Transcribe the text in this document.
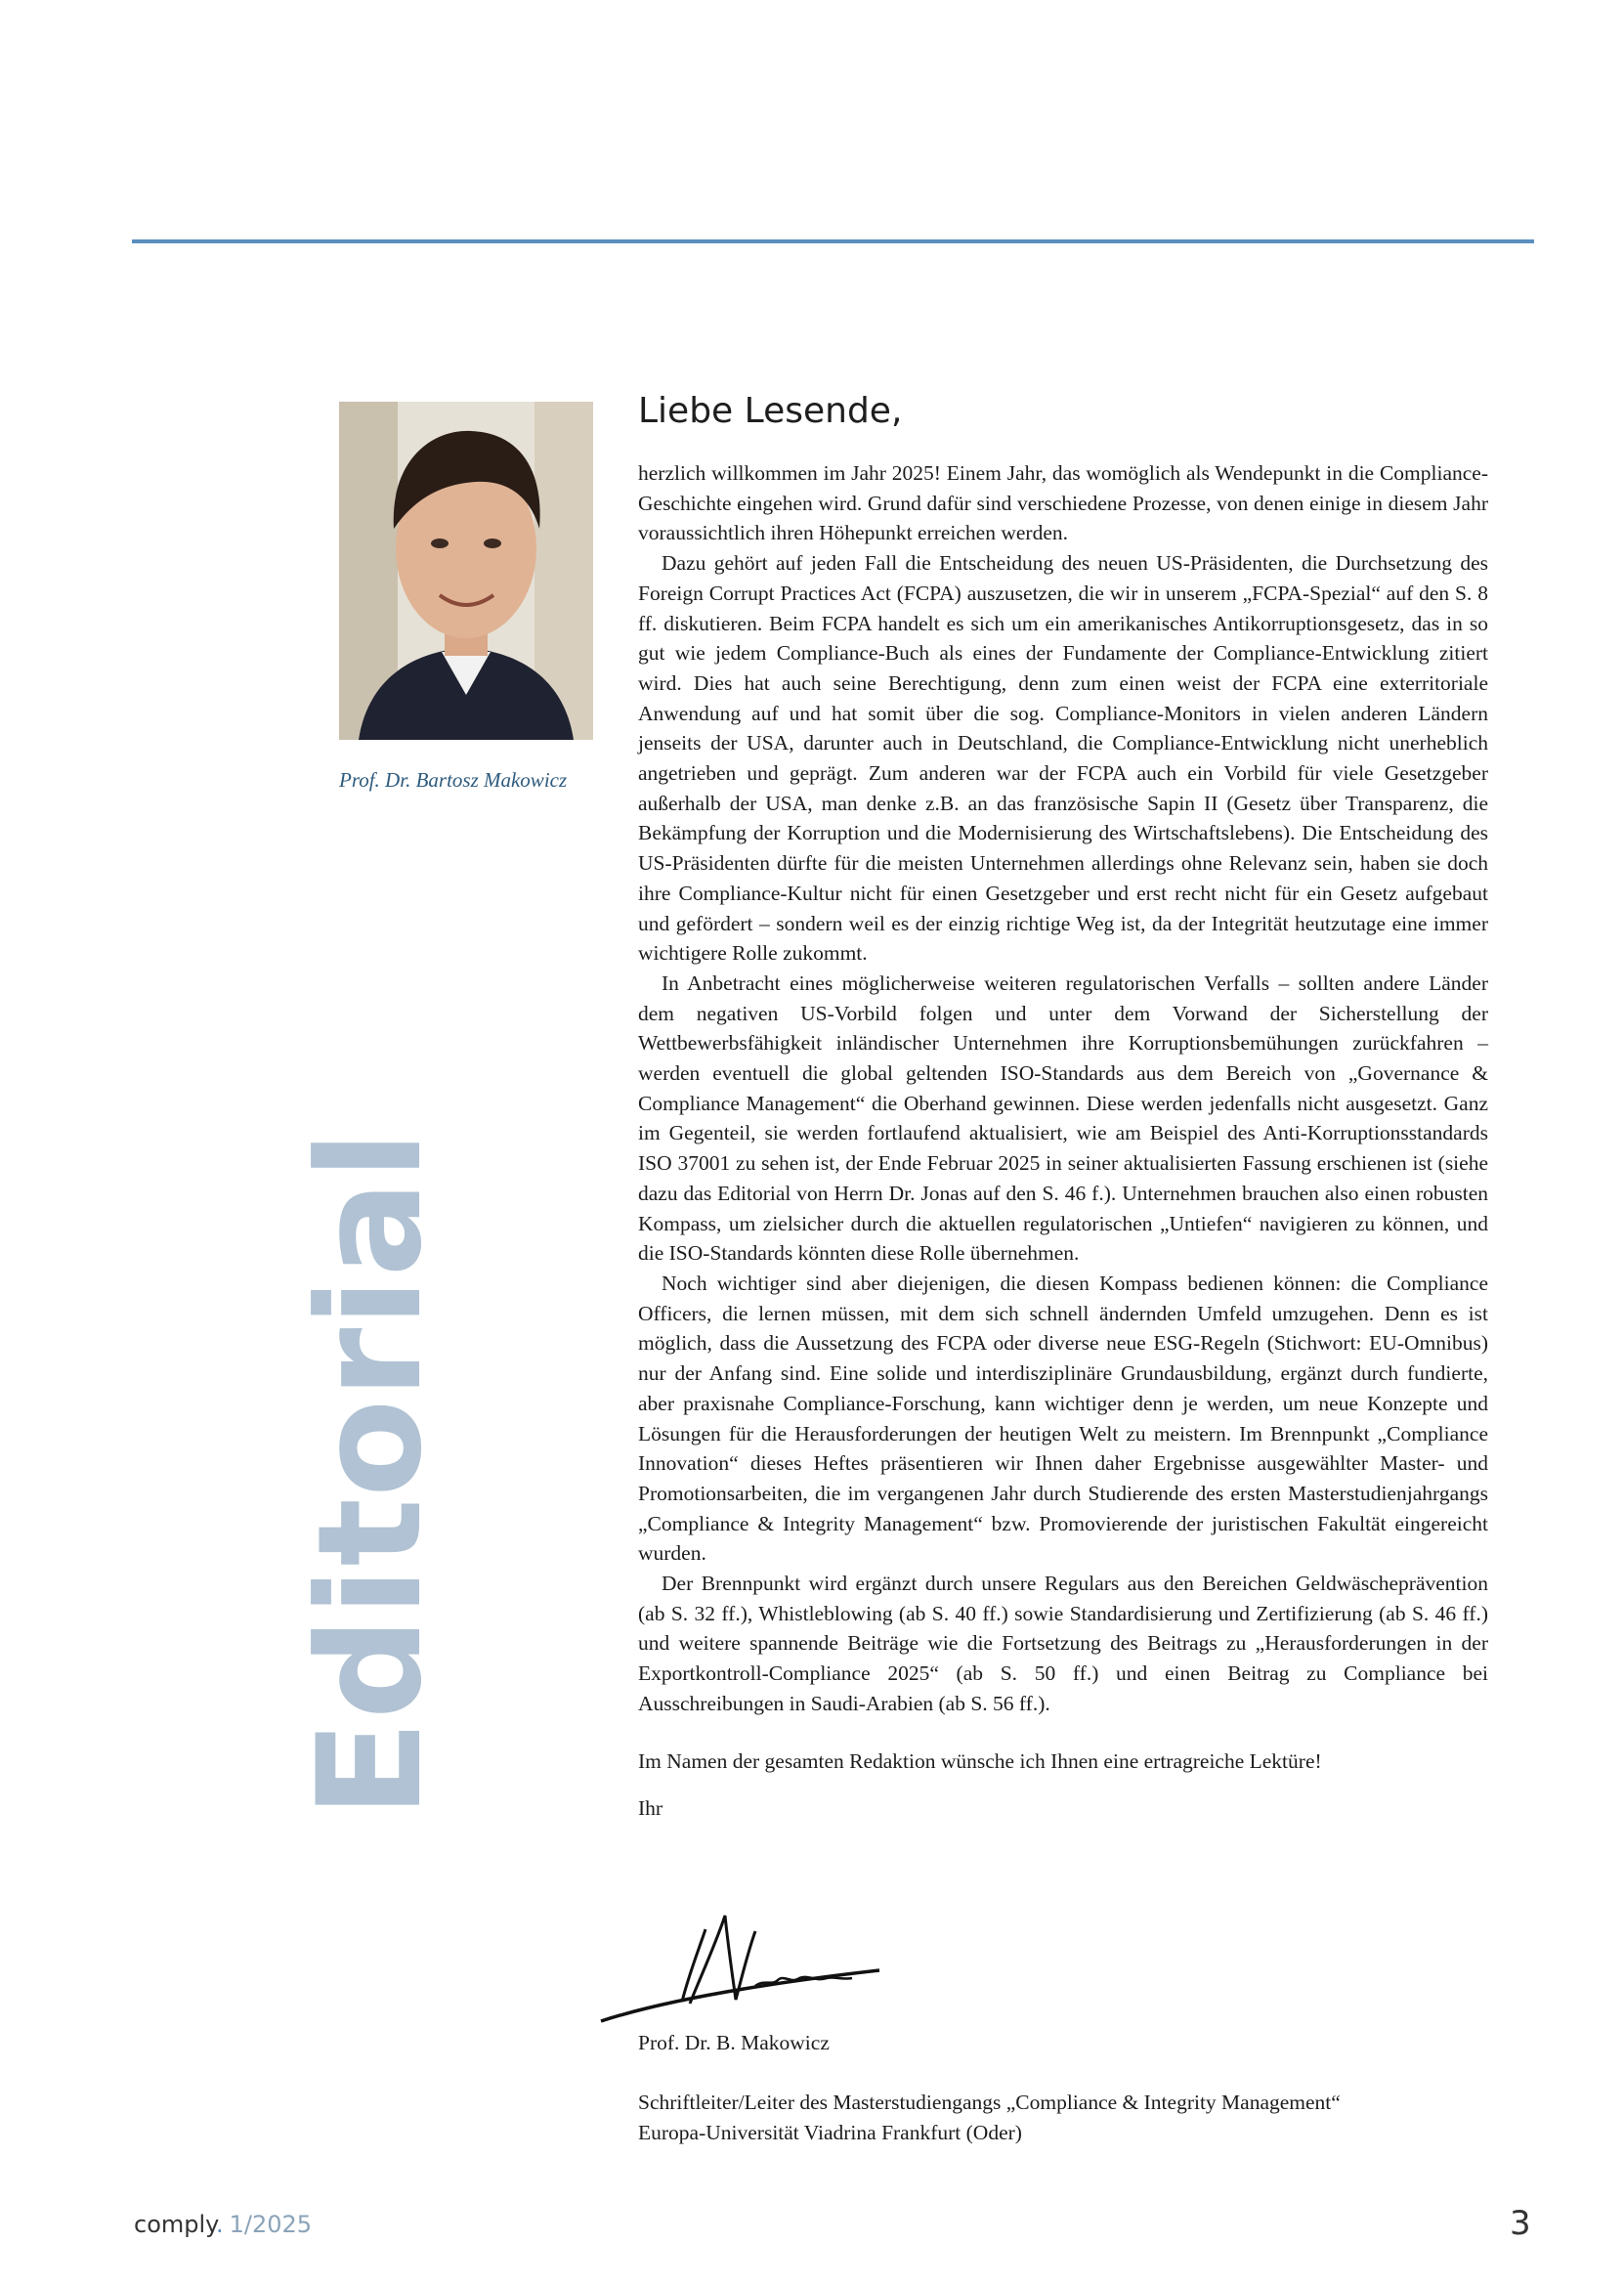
Prof. Dr. Bartosz Makowicz
Editorial
Liebe Lesende,

herzlich willkommen im Jahr 2025! Einem Jahr, das womöglich als Wendepunkt in die Compliance-Geschichte eingehen wird. Grund dafür sind verschiedene Prozesse, von denen einige in diesem Jahr voraussichtlich ihren Höhepunkt erreichen werden.

Dazu gehört auf jeden Fall die Entscheidung des neuen US-Präsidenten, die Durchsetzung des Foreign Corrupt Practices Act (FCPA) auszusetzen, die wir in unserem „FCPA-Spezial“ auf den S. 8 ff. diskutieren. Beim FCPA handelt es sich um ein amerikanisches Antikorruptionsgesetz, das in so gut wie jedem Compliance-Buch als eines der Fundamente der Compliance-Entwicklung zitiert wird. Dies hat auch seine Berechtigung, denn zum einen weist der FCPA eine exterritoriale Anwendung auf und hat somit über die sog. Compliance-Monitors in vielen anderen Ländern jenseits der USA, darunter auch in Deutschland, die Compliance-Entwicklung nicht unerheblich angetrieben und geprägt. Zum anderen war der FCPA auch ein Vorbild für viele Gesetzgeber außerhalb der USA, man denke z.B. an das französische Sapin II (Gesetz über Transparenz, die Bekämpfung der Korruption und die Modernisierung des Wirtschaftslebens). Die Entscheidung des US-Präsidenten dürfte für die meisten Unternehmen allerdings ohne Relevanz sein, haben sie doch ihre Compliance-Kultur nicht für einen Gesetzgeber und erst recht nicht für ein Gesetz aufgebaut und gefördert – sondern weil es der einzig richtige Weg ist, da der Integrität heutzutage eine immer wichtigere Rolle zukommt.

In Anbetracht eines möglicherweise weiteren regulatorischen Verfalls – sollten andere Länder dem negativen US-Vorbild folgen und unter dem Vorwand der Sicherstellung der Wettbewerbsfähigkeit inländischer Unternehmen ihre Korruptionsbemühungen zurückfahren – werden eventuell die global geltenden ISO-Standards aus dem Bereich von „Governance & Compliance Management“ die Oberhand gewinnen. Diese werden jedenfalls nicht ausgesetzt. Ganz im Gegenteil, sie werden fortlaufend aktualisiert, wie am Beispiel des Anti-Korruptionsstandards ISO 37001 zu sehen ist, der Ende Februar 2025 in seiner aktualisierten Fassung erschienen ist (siehe dazu das Editorial von Herrn Dr. Jonas auf den S. 46 f.). Unternehmen brauchen also einen robusten Kompass, um zielsicher durch die aktuellen regulatorischen „Untiefen“ navigieren zu können, und die ISO-Standards könnten diese Rolle übernehmen.

Noch wichtiger sind aber diejenigen, die diesen Kompass bedienen können: die Compliance Officers, die lernen müssen, mit dem sich schnell ändernden Umfeld umzugehen. Denn es ist möglich, dass die Aussetzung des FCPA oder diverse neue ESG-Regeln (Stichwort: EU-Omnibus) nur der Anfang sind. Eine solide und interdisziplinäre Grundausbildung, ergänzt durch fundierte, aber praxisnahe Compliance-Forschung, kann wichtiger denn je werden, um neue Konzepte und Lösungen für die Herausforderungen der heutigen Welt zu meistern. Im Brennpunkt „Compliance Innovation“ dieses Heftes präsentieren wir Ihnen daher Ergebnisse ausgewählter Master- und Promotionsarbeiten, die im vergangenen Jahr durch Studierende des ersten Masterstudienjahrgangs „Compliance & Integrity Management“ bzw. Promovierende der juristischen Fakultät eingereicht wurden.

Der Brennpunkt wird ergänzt durch unsere Regulars aus den Bereichen Geldwäscheprävention (ab S. 32 ff.), Whistleblowing (ab S. 40 ff.) sowie Standardisierung und Zertifizierung (ab S. 46 ff.) und weitere spannende Beiträge wie die Fortsetzung des Beitrags zu „Herausforderungen in der Exportkontroll-Compliance 2025“ (ab S. 50 ff.) und einen Beitrag zu Compliance bei Ausschreibungen in Saudi-Arabien (ab S. 56 ff.).

Im Namen der gesamten Redaktion wünsche ich Ihnen eine ertragreiche Lektüre!

Ihr

Prof. Dr. B. Makowicz
Schriftleiter/Leiter des Masterstudiengangs „Compliance & Integrity Management“
Europa-Universität Viadrina Frankfurt (Oder)
comply. 1/2025	3
